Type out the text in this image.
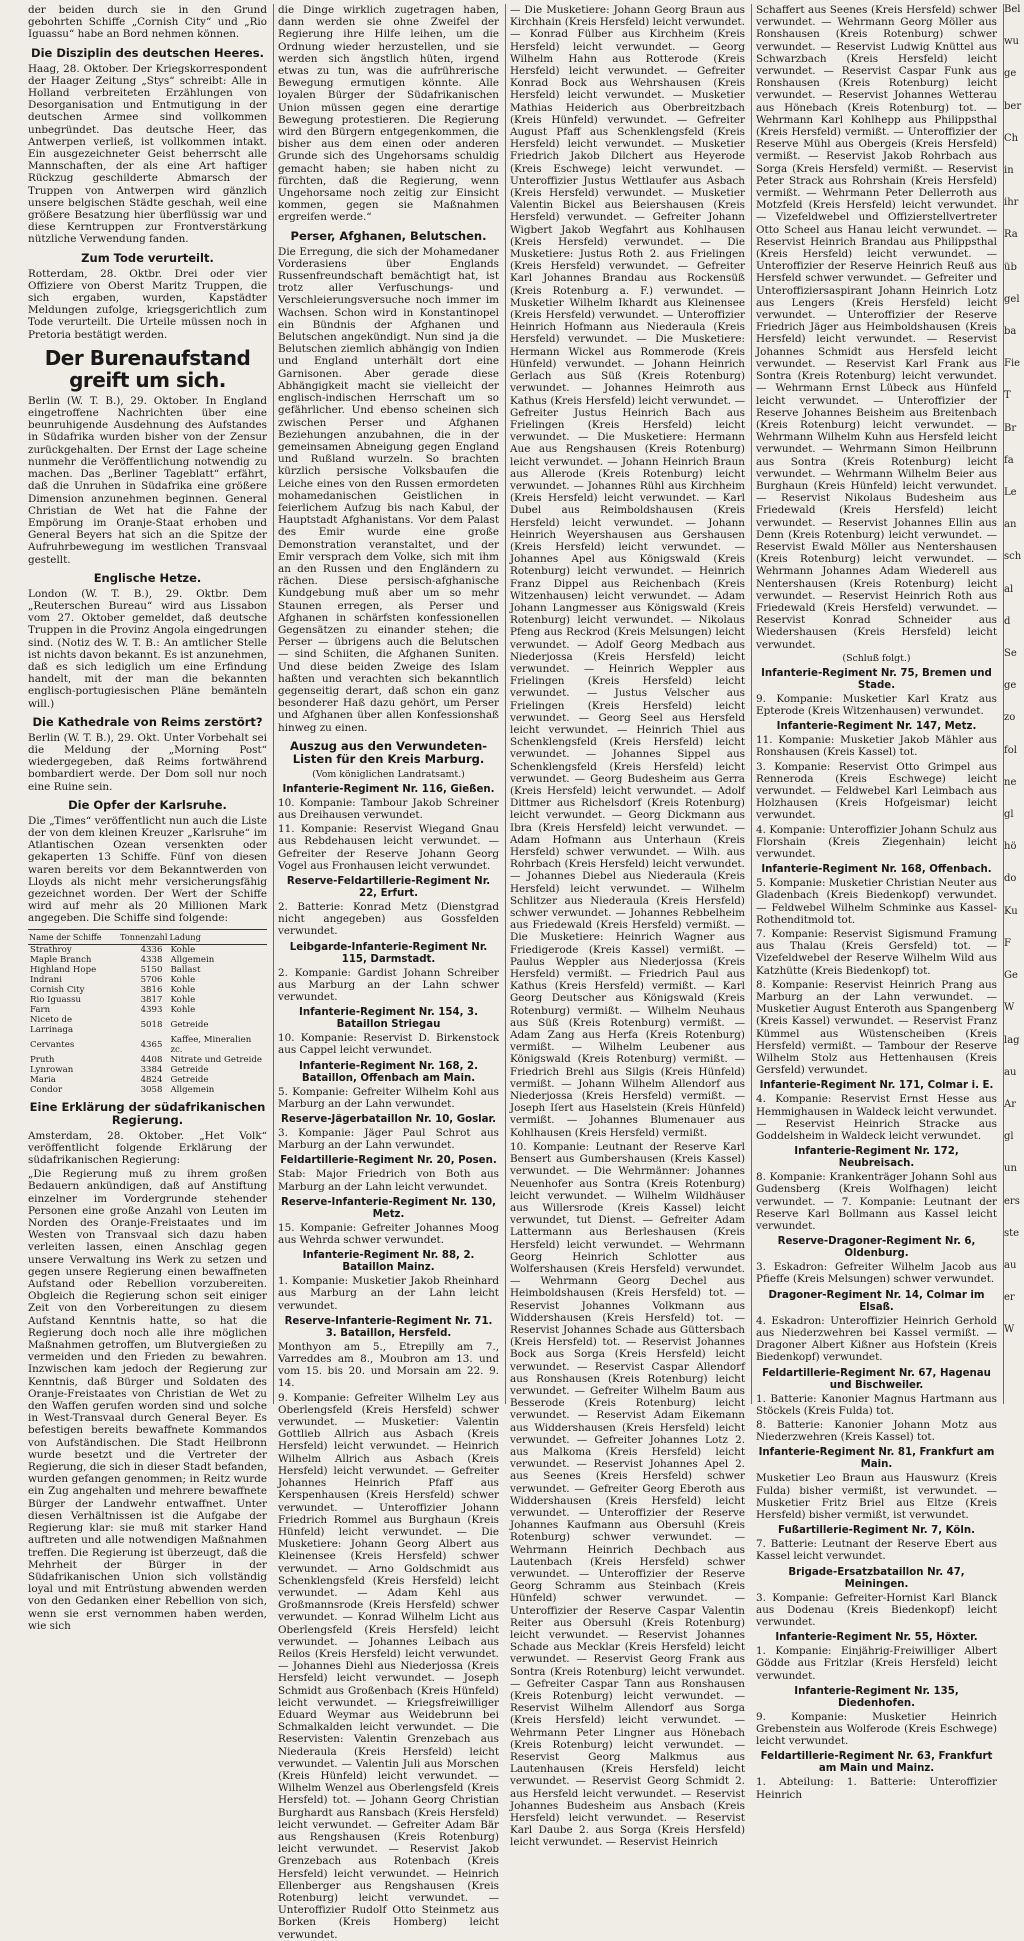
der beiden durch sie in den Grund gebohrten Schiffe „Cornish City“ und „Rio Iguassu“ habe an Bord nehmen können.

Die Disziplin des deutschen Heeres.

Haag, 28. Oktober. Der Kriegskorrespondent der Haager Zeitung „Stys“ schreibt: Alle in Holland verbreiteten Erzählungen von Desorganisation und Entmutigung in der deutschen Armee sind vollkommen unbegründet. Das deutsche Heer, das Antwerpen verließ, ist vollkommen intakt. Ein ausgezeichneter Geist beherrscht alle Mannschaften, der als eine Art haftiger Rückzug geschilderte Abmarsch der Truppen von Antwerpen wird gänzlich unsere belgischen Städte geschah, weil eine größere Besatzung hier überflüssig war und diese Kerntruppen zur Frontverstärkung nützliche Verwendung fanden.

Zum Tode verurteilt.

Rotterdam, 28. Oktbr. Drei oder vier Offiziere von Oberst Maritz Truppen, die sich ergaben, wurden, Kapstädter Meldungen zufolge, kriegsgerichtlich zum Tode verurteilt. Die Urteile müssen noch in Pretoria bestätigt werden.

Der Burenaufstand greift um sich.

Berlin (W. T. B.), 29. Oktober. In England eingetroffene Nachrichten über eine beunruhigende Ausdehnung des Aufstandes in Südafrika wurden bisher von der Zensur zurückgehalten. Der Ernst der Lage scheine nunmehr die Veröffentlichung notwendig zu machen. Das „Berliner Tageblatt“ erfährt, daß die Unruhen in Südafrika eine größere Dimension anzunehmen beginnen. General Christian de Wet hat die Fahne der Empörung im Oranje-Staat erhoben und General Beyers hat sich an die Spitze der Aufruhrbewegung im westlichen Transvaal gestellt.

Englische Hetze.

London (W. T. B.), 29. Oktbr. Dem „Reuterschen Bureau“ wird aus Lissabon vom 27. Oktober gemeldet, daß deutsche Truppen in die Provinz Angola eingedrungen sind. (Notiz des W. T. B.: An amtlicher Stelle ist nichts davon bekannt. Es ist anzunehmen, daß es sich lediglich um eine Erfindung handelt, mit der man die bekannten englisch-portugiesischen Pläne bemänteln will.)

Die Kathedrale von Reims zerstört?

Berlin (W. T. B.), 29. Okt. Unter Vorbehalt sei die Meldung der „Morning Post“ wiedergegeben, daß Reims fortwährend bombardiert werde. Der Dom soll nur noch eine Ruine sein.

Die Opfer der Karlsruhe.

Die „Times“ veröffentlicht nun auch die Liste der von dem kleinen Kreuzer „Karlsruhe“ im Atlantischen Ozean versenkten oder gekaperten 13 Schiffe. Fünf von diesen waren bereits vor dem Bekanntwerden von Lloyds als nicht mehr versicherungsfähig gezeichnet worden. Der Wert der Schiffe wird auf mehr als 20 Millionen Mark angegeben. Die Schiffe sind folgende:

Name der Schiffe	Tonnenzahl	Ladung
Strathroy	4336	Kohle
Maple Branch	4338	Allgemein
Highland Hope	5150	Ballast
Indrani	5706	Kohle
Cornish City	3816	Kohle
Rio Iguassu	3817	Kohle
Farn	4393	Kohle
Niceto de Larrinaga	5018	Getreide
Cervantes	4365	Kaffee, Mineralien zc.
Pruth	4408	Nitrate und Getreide
Lynrowan	3384	Getreide
Maria	4824	Getreide
Condor	3058	Allgemein
Eine Erklärung der südafrikanischen Regierung.

Amsterdam, 28. Oktober. „Het Volk“ veröffentlicht folgende Erklärung der südafrikanischen Regierung:

„Die Regierung muß zu ihrem großen Bedauern ankündigen, daß auf Anstiftung einzelner im Vordergrunde stehender Personen eine große Anzahl von Leuten im Norden des Oranje-Freistaates und im Westen von Transvaal sich dazu haben verleiten lassen, einen Anschlag gegen unsere Verwaltung ins Werk zu setzen und gegen unsere Regierung einen bewaffneten Aufstand oder Rebellion vorzubereiten. Obgleich die Regierung schon seit einiger Zeit von den Vorbereitungen zu diesem Aufstand Kenntnis hatte, so hat die Regierung doch noch alle ihre möglichen Maßnahmen getroffen, um Blutvergießen zu vermeiden und den Frieden zu bewahren. Inzwischen kam jedoch der Regierung zur Kenntnis, daß Bürger und Soldaten des Oranje-Freistaates von Christian de Wet zu den Waffen gerufen worden sind und solche in West-Transvaal durch General Beyer. Es befestigen bereits bewaffnete Kommandos von Aufständischen. Die Stadt Heilbronn wurde besetzt und die Vertreter der Regierung, die sich in dieser Stadt befanden, wurden gefangen genommen; in Reitz wurde ein Zug angehalten und mehrere bewaffnete Bürger der Landwehr entwaffnet. Unter diesen Verhältnissen ist die Aufgabe der Regierung klar: sie muß mit starker Hand auftreten und alle notwendigen Maßnahmen treffen. Die Regierung ist überzeugt, daß die Mehrheit der Bürger in der Südafrikanischen Union sich vollständig loyal und mit Entrüstung abwenden werden von den Gedanken einer Rebellion von sich, wenn sie erst vernommen haben werden, wie sich

die Dinge wirklich zugetragen haben, dann werden sie ohne Zweifel der Regierung ihre Hilfe leihen, um die Ordnung wieder herzustellen, und sie werden sich ängstlich hüten, irgend etwas zu tun, was die aufrührerische Bewegung ermutigen könnte. Alle loyalen Bürger der Südafrikanischen Union müssen gegen eine derartige Bewegung protestieren. Die Regierung wird den Bürgern entgegenkommen, die bisher aus dem einen oder anderen Grunde sich des Ungehorsams schuldig gemacht haben; sie haben nicht zu fürchten, daß die Regierung, wenn Ungehorsame noch zeitig zur Einsicht kommen, gegen sie Maßnahmen ergreifen werde.“

Perser, Afghanen, Belutschen.

Die Erregung, die sich der Mohamedaner Vorderasiens über Englands Russenfreundschaft bemächtigt hat, ist trotz aller Verfuschungs- und Verschleierungsversuche noch immer im Wachsen. Schon wird in Konstantinopel ein Bündnis der Afghanen und Belutschen angekündigt. Nun sind ja die Belutschen ziemlich abhängig von Indien und England unterhält dort eine Garnisonen. Aber gerade diese Abhängigkeit macht sie vielleicht der englisch-indischen Herrschaft um so gefährlicher. Und ebenso scheinen sich zwischen Perser und Afghanen Beziehungen anzubahnen, die in der gemeinsamen Abneigung gegen England und Rußland wurzeln. So brachten kürzlich persische Volksbaufen die Leiche eines von den Russen ermordeten mohamedanischen Geistlichen in feierlichem Aufzug bis nach Kabul, der Hauptstadt Afghanistans. Vor dem Palast des Emir wurde eine große Demonstration veranstaltet, und der Emir versprach dem Volke, sich mit ihm an den Russen und den Engländern zu rächen. Diese persisch-afghanische Kundgebung muß aber um so mehr Staunen erregen, als Perser und Afghanen in schärfsten konfessionellen Gegensätzen zu einander stehen; die Perser — übrigens auch die Belutschen — sind Schiiten, die Afghanen Suniten. Und diese beiden Zweige des Islam haßten und verachten sich bekanntlich gegenseitig derart, daß schon ein ganz besonderer Haß dazu gehört, um Perser und Afghanen über allen Konfessionshaß hinweg zu einen.

Auszug aus den Verwundeten-Listen für den Kreis Marburg.
(Vom königlichen Landratsamt.)
Infanterie-Regiment Nr. 116, Gießen.

10. Kompanie: Tambour Jakob Schreiner aus Dreihausen verwundet.

11. Kompanie: Reservist Wiegand Gnau aus Rebdehausen leicht verwundet. — Gefreiter der Reserve Johann Georg Vogel aus Fronhausen leicht verwundet.

Reserve-Feldartillerie-Regiment Nr. 22, Erfurt.

2. Batterie: Konrad Metz (Dienstgrad nicht angegeben) aus Gossfelden verwundet.

Leibgarde-Infanterie-Regiment Nr. 115, Darmstadt.

2. Kompanie: Gardist Johann Schreiber aus Marburg an der Lahn schwer verwundet.

Infanterie-Regiment Nr. 154, 3. Bataillon Striegau

10. Kompanie: Reservist D. Birkenstock aus Cappel leicht verwundet.

Infanterie-Regiment Nr. 168, 2. Bataillon, Offenbach am Main.

5. Kompanie: Gefreiter Wilhelm Kohl aus Marburg an der Lahn verwundet.

Reserve-Jägerbataillon Nr. 10, Goslar.

3. Kompanie: Jäger Paul Schrot aus Marburg an der Lahn verwundet.

Feldartillerie-Regiment Nr. 20, Posen.

Stab: Major Friedrich von Both aus Marburg an der Lahn leicht verwundet.

Reserve-Infanterie-Regiment Nr. 130, Metz.

15. Kompanie: Gefreiter Johannes Moog aus Wehrda schwer verwundet.

Infanterie-Regiment Nr. 88, 2. Bataillon Mainz.

1. Kompanie: Musketier Jakob Rheinhard aus Marburg an der Lahn leicht verwundet.

Reserve-Infanterie-Regiment Nr. 71. 3. Bataillon, Hersfeld.

Monthyon am 5., Etrepilly am 7., Varreddes am 8., Moubron am 13. und vom 15. bis 20. und Morsain am 22. 9. 14.

9. Kompanie: Gefreiter Wilhelm Ley aus Oberlengsfeld (Kreis Hersfeld) schwer verwundet. — Musketier: Valentin Gottlieb Allrich aus Asbach (Kreis Hersfeld) leicht verwundet. — Heinrich Wilhelm Allrich aus Asbach (Kreis Hersfeld) leicht verwundet. — Gefreiter Johannes Heinrich Pfaff aus Kerspenhausen (Kreis Hersfeld) schwer verwundet. — Unteroffizier Johann Friedrich Rommel aus Burghaun (Kreis Hünfeld) leicht verwundet. — Die Musketiere: Johann Georg Albert aus Kleinensee (Kreis Hersfeld) schwer verwundet. — Arno Goldschmidt aus Schenklengsfeld (Kreis Hersfeld) leicht verwundet. — Adam Kehl aus Großmannsrode (Kreis Hersfeld) schwer verwundet. — Konrad Wilhelm Licht aus Oberlengsfeld (Kreis Hersfeld) leicht verwundet. — Johannes Leibach aus Reilos (Kreis Hersfeld) leicht verwundet. — Johannes Diehl aus Niederjossa (Kreis Hersfeld) leicht verwundet. — Joseph Schmidt aus Großenbach (Kreis Hünfeld) leicht verwundet. — Kriegsfreiwilliger Eduard Weymar aus Weidebrunn bei Schmalkalden leicht verwundet. — Die Reservisten: Valentin Grenzebach aus Niederaula (Kreis Hersfeld) leicht verwundet. — Valentin Juli aus Morschen (Kreis Hünfeld) leicht verwundet. — Wilhelm Wenzel aus Oberlengsfeld (Kreis Hersfeld) tot. — Johann Georg Christian Burghardt aus Ransbach (Kreis Hersfeld) leicht verwundet. — Gefreiter Adam Bär aus Rengshausen (Kreis Rotenburg) leicht verwundet. — Reservist Jakob Grenzebach aus Rotenbach (Kreis Hersfeld) leicht verwundet. — Heinrich Ellenberger aus Rengshausen (Kreis Rotenburg) leicht verwundet. — Unteroffizier Rudolf Otto Steinmetz aus Borken (Kreis Homberg) leicht verwundet.

— Die Musketiere: Johann Georg Braun aus Kirchhain (Kreis Hersfeld) leicht verwundet. — Konrad Fülber aus Kirchheim (Kreis Hersfeld) leicht verwundet. — Georg Wilhelm Hahn aus Rotterode (Kreis Hersfeld) leicht verwundet. — Gefreiter Konrad Bock aus Wehrshausen (Kreis Hersfeld) leicht verwundet. — Musketier Mathias Heiderich aus Oberbreitzbach (Kreis Hünfeld) verwundet. — Gefreiter August Pfaff aus Schenklengsfeld (Kreis Hersfeld) leicht verwundet. — Musketier Friedrich Jakob Dilchert aus Heyerode (Kreis Eschwege) leicht verwundet. — Unteroffizier Justus Wettlaufer aus Asbach (Kreis Hersfeld) verwundet. — Musketier Valentin Bickel aus Beiershausen (Kreis Hersfeld) verwundet. — Gefreiter Johann Wigbert Jakob Wegfahrt aus Kohlhausen (Kreis Hersfeld) verwundet. — Die Musketiere: Justus Roth 2. aus Frielingen (Kreis Hersfeld) verwundet. — Gefreiter Karl Johannes Brandau aus Rockensüß (Kreis Rotenburg a. F.) verwundet. — Musketier Wilhelm Ikhardt aus Kleinensee (Kreis Hersfeld) verwundet. — Unteroffizier Heinrich Hofmann aus Niederaula (Kreis Hersfeld) verwundet. — Die Musketiere: Hermann Wickel aus Rommerode (Kreis Hünfeld) verwundet. — Johann Heinrich Gerlach aus Süß (Kreis Rotenburg) verwundet. — Johannes Heimroth aus Kathus (Kreis Hersfeld) leicht verwundet. — Gefreiter Justus Heinrich Bach aus Frielingen (Kreis Hersfeld) leicht verwundet. — Die Musketiere: Hermann Aue aus Rengshausen (Kreis Rotenburg) leicht verwundet. — Johann Heinrich Braun aus Allerode (Kreis Rotenburg) leicht verwundet. — Johannes Rühl aus Kirchheim (Kreis Hersfeld) leicht verwundet. — Karl Dubel aus Reimboldshausen (Kreis Hersfeld) leicht verwundet. — Johann Heinrich Weyershausen aus Gershausen (Kreis Hersfeld) leicht verwundet. — Johannes Apel aus Königswald (Kreis Rotenburg) leicht verwundet. — Heinrich Franz Dippel aus Reichenbach (Kreis Witzenhausen) leicht verwundet. — Adam Johann Langmesser aus Königswald (Kreis Rotenburg) leicht verwundet. — Nikolaus Pfeng aus Reckrod (Kreis Melsungen) leicht verwundet. — Adolf Georg Medbach aus Niederjossa (Kreis Hersfeld) leicht verwundet. — Heinrich Weppler aus Frielingen (Kreis Hersfeld) leicht verwundet. — Justus Velscher aus Frielingen (Kreis Hersfeld) leicht verwundet. — Georg Seel aus Hersfeld leicht verwundet. — Heinrich Thiel aus Schenklengsfeld (Kreis Hersfeld) leicht verwundet. — Johannes Sippel aus Schenklengsfeld (Kreis Hersfeld) leicht verwundet. — Georg Budesheim aus Gerra (Kreis Hersfeld) leicht verwundet. — Adolf Dittmer aus Richelsdorf (Kreis Rotenburg) leicht verwundet. — Georg Dickmann aus Ibra (Kreis Hersfeld) leicht verwundet. — Adam Hofmann aus Unterhaun (Kreis Hersfeld) schwer verwundet. — Wilh. aus Rohrbach (Kreis Hersfeld) leicht verwundet. — Johannes Diebel aus Niederaula (Kreis Hersfeld) leicht verwundet. — Wilhelm Schlitzer aus Niederaula (Kreis Hersfeld) schwer verwundet. — Johannes Rebbelheim aus Friedewald (Kreis Hersfeld) vermißt. — Die Musketiere: Heinrich Wagner aus Friedigerode (Kreis Kassel) vermißt. — Paulus Weppler aus Niederjossa (Kreis Hersfeld) vermißt. — Friedrich Paul aus Kathus (Kreis Hersfeld) vermißt. — Karl Georg Deutscher aus Königswald (Kreis Rotenburg) vermißt. — Wilhelm Neuhaus aus Süß (Kreis Rotenburg) vermißt. — Adam Zang aus Herfa (Kreis Rotenburg) vermißt. — Wilhelm Leubener aus Königswald (Kreis Rotenburg) vermißt. — Friedrich Brehl aus Silgis (Kreis Hünfeld) vermißt. — Johann Wilhelm Allendorf aus Niederjossa (Kreis Hersfeld) vermißt. — Joseph Iſert aus Haselstein (Kreis Hünfeld) vermißt. — Johannes Blumenauer aus Kohlhausen (Kreis Hersfeld) vermißt.

10. Kompanie: Leutnant der Reserve Karl Bensert aus Gumbershausen (Kreis Kassel) verwundet. — Die Wehrmänner: Johannes Neuenhofer aus Sontra (Kreis Rotenburg) leicht verwundet. — Wilhelm Wildhäuser aus Willersrode (Kreis Kassel) leicht verwundet, tut Dienst. — Gefreiter Adam Lattermann aus Berleshausen (Kreis Hersfeld) leicht verwundet. — Wehrmann Georg Heinrich Schlotter aus Wolfershausen (Kreis Hersfeld) verwundet. — Wehrmann Georg Dechel aus Heimboldshausen (Kreis Hersfeld) tot. — Reservist Johannes Volkmann aus Widdershausen (Kreis Hersfeld) tot. — Reservist Johannes Schade aus Güttersbach (Kreis Hersfeld) tot. — Reservist Johannes Bock aus Sorga (Kreis Hersfeld) leicht verwundet. — Reservist Caspar Allendorf aus Ronshausen (Kreis Rotenburg) leicht verwundet. — Gefreiter Wilhelm Baum aus Besserode (Kreis Rotenburg) leicht verwundet. — Reservist Adam Eikemann aus Widdershausen (Kreis Hersfeld) leicht verwundet. — Gefreiter Johannes Lotz 2. aus Malkoma (Kreis Hersfeld) leicht verwundet. — Reservist Johannes Apel 2. aus Seenes (Kreis Hersfeld) schwer verwundet. — Gefreiter Georg Eberoth aus Widdershausen (Kreis Hersfeld) leicht verwundet. — Unteroffizier der Reserve Johannes Kaufmann aus Obersuhl (Kreis Rotenburg) schwer verwundet. — Wehrmann Heinrich Dechbach aus Lautenbach (Kreis Hersfeld) schwer verwundet. — Unteroffizier der Reserve Georg Schramm aus Steinbach (Kreis Hünfeld) schwer verwundet. — Unteroffizier der Reserve Caspar Valentin Reiter aus Obersuhl (Kreis Rotenburg) leicht verwundet. — Reservist Johannes Schade aus Mecklar (Kreis Hersfeld) leicht verwundet. — Reservist Georg Frank aus Sontra (Kreis Rotenburg) leicht verwundet. — Gefreiter Caspar Tann aus Ronshausen (Kreis Rotenburg) leicht verwundet. — Reservist Wilhelm Allendorf aus Sorga (Kreis Hersfeld) leicht verwundet. — Wehrmann Peter Lingner aus Hönebach (Kreis Rotenburg) leicht verwundet. — Reservist Georg Malkmus aus Lautenhausen (Kreis Hersfeld) leicht verwundet. — Reservist Georg Schmidt 2. aus Hersfeld leicht verwundet. — Reservist Johannes Budesheim aus Ansbach (Kreis Hersfeld) leicht verwundet. — Reservist Karl Daube 2. aus Sorga (Kreis Hersfeld) leicht verwundet. — Reservist Heinrich

Schaffert aus Seenes (Kreis Hersfeld) schwer verwundet. — Wehrmann Georg Möller aus Ronshausen (Kreis Rotenburg) schwer verwundet. — Reservist Ludwig Knüttel aus Schwarzbach (Kreis Hersfeld) leicht verwundet. — Reservist Caspar Funk aus Ronshausen (Kreis Rotenburg) leicht verwundet. — Reservist Johannes Wetterau aus Hönebach (Kreis Rotenburg) tot. — Wehrmann Karl Kohlhepp aus Philippsthal (Kreis Hersfeld) vermißt. — Unteroffizier der Reserve Mühl aus Obergeis (Kreis Hersfeld) vermißt. — Reservist Jakob Rohrbach aus Sorga (Kreis Hersfeld) vermißt. — Reservist Peter Strack aus Rohrshain (Kreis Hersfeld) vermißt. — Wehrmann Peter Dellerroth aus Motzfeld (Kreis Hersfeld) leicht verwundet. — Vizefeldwebel und Offizierstellvertreter Otto Scheel aus Hanau leicht verwundet. — Reservist Heinrich Brandau aus Philippsthal (Kreis Hersfeld) leicht verwundet. — Unteroffizier der Reserve Heinrich Reuß aus Hersfeld schwer verwundet. — Gefreiter und Unteroffiziersaspirant Johann Heinrich Lotz aus Lengers (Kreis Hersfeld) leicht verwundet. — Unteroffizier der Reserve Friedrich Jäger aus Heimboldshausen (Kreis Hersfeld) leicht verwundet. — Reservist Johannes Schmidt aus Hersfeld leicht verwundet. — Reservist Karl Frank aus Sontra (Kreis Rotenburg) leicht verwundet. — Wehrmann Ernst Lübeck aus Hünfeld leicht verwundet. — Unteroffizier der Reserve Johannes Beisheim aus Breitenbach (Kreis Rotenburg) leicht verwundet. — Wehrmann Wilhelm Kuhn aus Hersfeld leicht verwundet. — Wehrmann Simon Heilbrunn aus Sontra (Kreis Rotenburg) leicht verwundet. — Wehrmann Wilhelm Beier aus Burghaun (Kreis Hünfeld) leicht verwundet. — Reservist Nikolaus Budesheim aus Friedewald (Kreis Hersfeld) leicht verwundet. — Reservist Johannes Ellin aus Denn (Kreis Rotenburg) leicht verwundet. — Reservist Ewald Möller aus Nentershausen (Kreis Rotenburg) leicht verwundet. — Wehrmann Johannes Adam Wiederell aus Nentershausen (Kreis Rotenburg) leicht verwundet. — Reservist Heinrich Roth aus Friedewald (Kreis Hersfeld) verwundet. — Reservist Konrad Schneider aus Wiedershausen (Kreis Hersfeld) leicht verwundet.

(Schluß folgt.)
Infanterie-Regiment Nr. 75, Bremen und Stade.

9. Kompanie: Musketier Karl Kratz aus Epterode (Kreis Witzenhausen) verwundet.

Infanterie-Regiment Nr. 147, Metz.

11. Kompanie: Musketier Jakob Mähler aus Ronshausen (Kreis Kassel) tot.

3. Kompanie: Reservist Otto Grimpel aus Renneroda (Kreis Eschwege) leicht verwundet. — Feldwebel Karl Leimbach aus Holzhausen (Kreis Hofgeismar) leicht verwundet.

4. Kompanie: Unteroffizier Johann Schulz aus Florshain (Kreis Ziegenhain) leicht verwundet.

Infanterie-Regiment Nr. 168, Offenbach.

5. Kompanie: Musketier Christian Neuter aus Gladenbach (Kreis Biedenkopf) verwundet. — Feldwebel Wilhelm Schminke aus Kassel-Rothenditmold tot.

7. Kompanie: Reservist Sigismund Framung aus Thalau (Kreis Gersfeld) tot. — Vizefeldwebel der Reserve Wilhelm Wild aus Katzhütte (Kreis Biedenkopf) tot.

8. Kompanie: Reservist Heinrich Prang aus Marburg an der Lahn verwundet. — Musketier August Enteroth aus Spangenberg (Kreis Kassel) verwundet. — Reservist Franz Kümmel aus Wüstenscheiben (Kreis Hersfeld) vermißt. — Tambour der Reserve Wilhelm Stolz aus Hettenhausen (Kreis Gersfeld) verwundet.

Infanterie-Regiment Nr. 171, Colmar i. E.

4. Kompanie: Reservist Ernst Hesse aus Hemmighausen in Waldeck leicht verwundet. — Reservist Heinrich Stracke aus Goddelsheim in Waldeck leicht verwundet.

Infanterie-Regiment Nr. 172, Neubreisach.

8. Kompanie: Krankenträger Johann Sohl aus Gudensberg (Kreis Wolfhagen) leicht verwundet. — 7. Kompanie: Leutnant der Reserve Karl Bollmann aus Kassel leicht verwundet.

Reserve-Dragoner-Regiment Nr. 6, Oldenburg.

3. Eskadron: Gefreiter Wilhelm Jacob aus Pfieffe (Kreis Melsungen) schwer verwundet.

Dragoner-Regiment Nr. 14, Colmar im Elsaß.

4. Eskadron: Unteroffizier Heinrich Gerhold aus Niederzwehren bei Kassel vermißt. — Dragoner Albert Kißner aus Hofstein (Kreis Biedenkopf) verwundet.

Feldartillerie-Regiment Nr. 67, Hagenau und Bischweiler.

1. Batterie: Kanonier Magnus Hartmann aus Stöckels (Kreis Fulda) tot.

8. Batterie: Kanonier Johann Motz aus Niederzwehren (Kreis Kassel) tot.

Infanterie-Regiment Nr. 81, Frankfurt am Main.

Musketier Leo Braun aus Hauswurz (Kreis Fulda) bisher vermißt, ist verwundet. — Musketier Fritz Briel aus Eltze (Kreis Hersfeld) bisher vermißt, ist verwundet.

Fußartillerie-Regiment Nr. 7, Köln.

7. Batterie: Leutnant der Reserve Ebert aus Kassel leicht verwundet.

Brigade-Ersatzbataillon Nr. 47, Meiningen.

3. Kompanie: Gefreiter-Hornist Karl Blanck aus Dodenau (Kreis Biedenkopf) leicht verwundet.

Infanterie-Regiment Nr. 55, Höxter.

1. Kompanie: Einjährig-Freiwilliger Albert Gödde aus Fritzlar (Kreis Hersfeld) leicht verwundet.

Infanterie-Regiment Nr. 135, Diedenhofen.

9. Kompanie: Musketier Heinrich Grebenstein aus Wolferode (Kreis Eschwege) leicht verwundet.

Feldartillerie-Regiment Nr. 63, Frankfurt am Main und Mainz.

1. Abteilung: 1. Batterie: Unteroffizier Heinrich

Bel
wu
ge
ber
Ch
in
ihr
Ra
üb
gel
ba
Fie
T
Br
fa
Le
an
sch
al
d
Se
ge
zo
fol
ne
gl
hö
do
Ku
F
Ge
W
lag
au
Ar
gl
un
ers
ste
au
er
W
